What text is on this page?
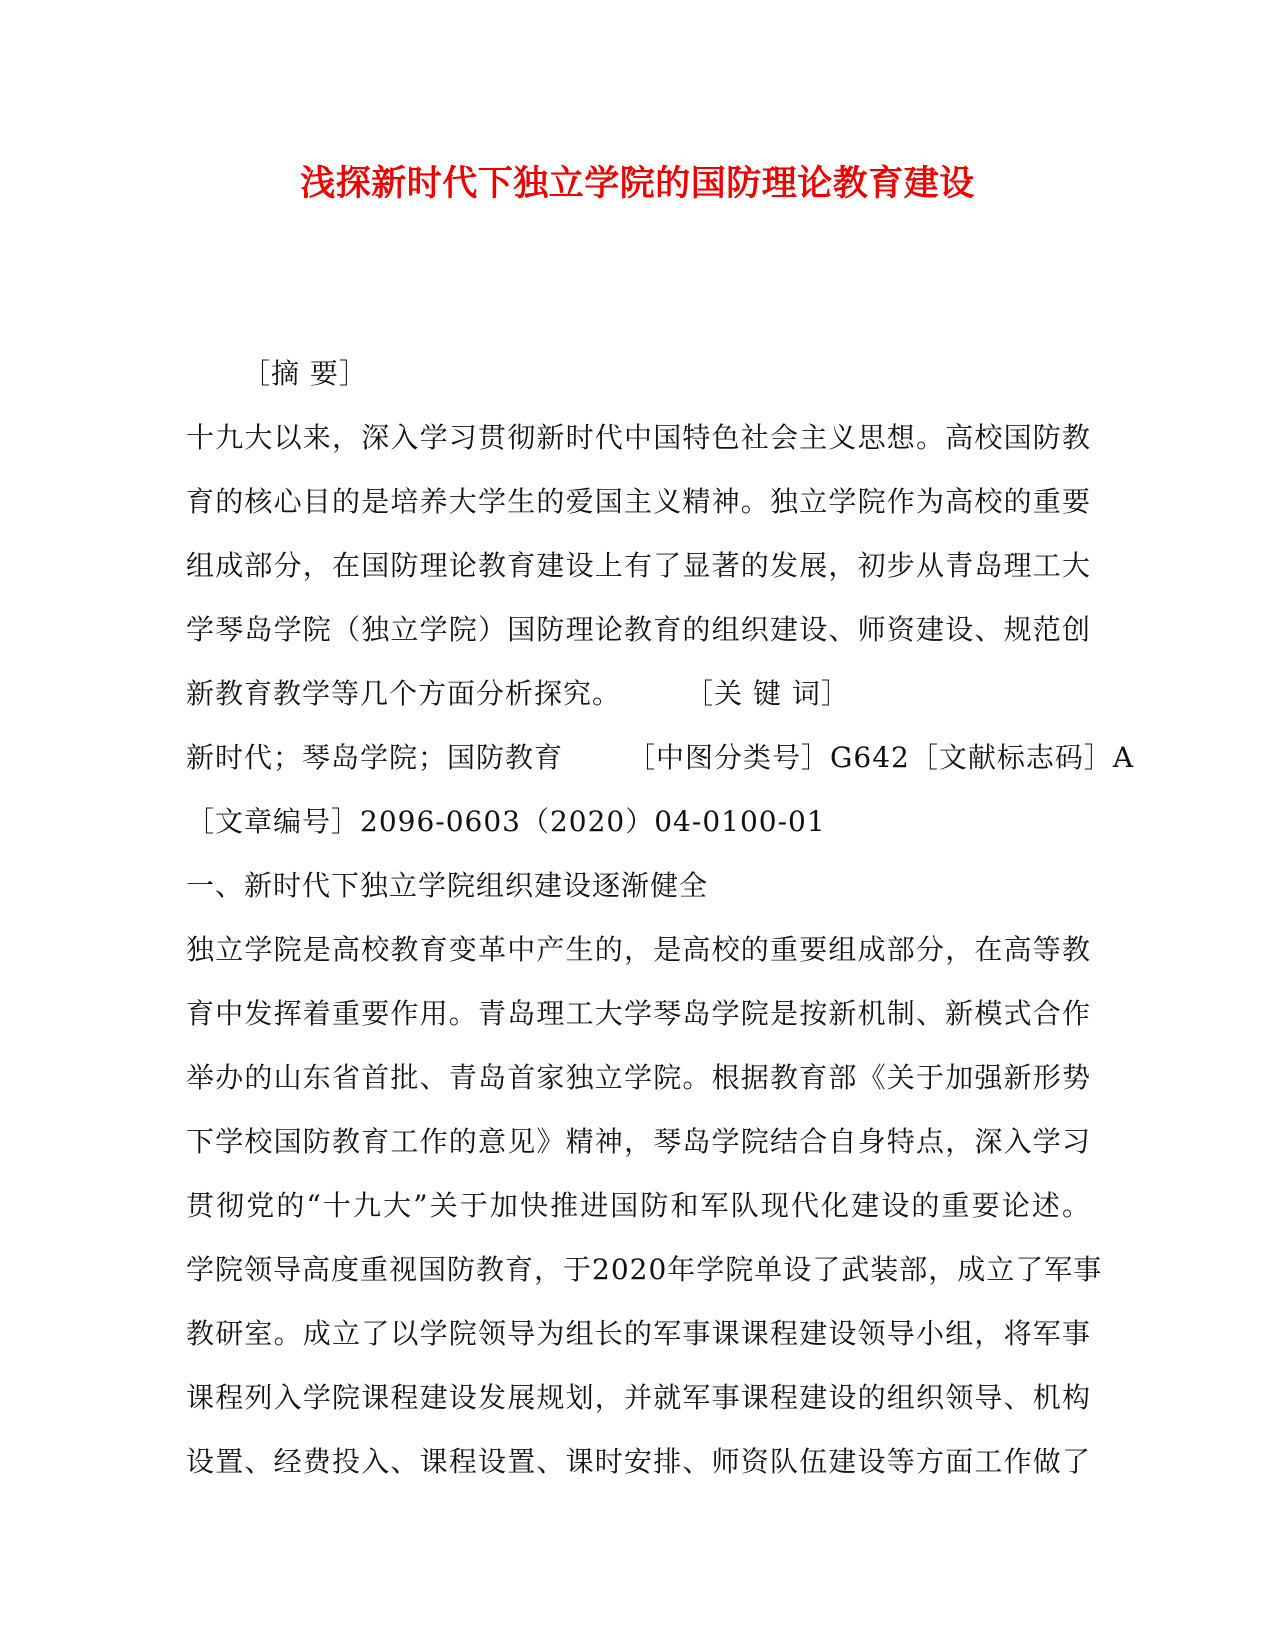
浅探新时代下独立学院的国防理论教育建设
［摘 要］
十九大以来，深入学习贯彻新时代中国特色社会主义思想。高校国防教
育的核心目的是培养大学生的爱国主义精神。独立学院作为高校的重要
组成部分，在国防理论教育建设上有了显著的发展，初步从青岛理工大
学琴岛学院（独立学院）国防理论教育的组织建设、师资建设、规范创
新教育教学等几个方面分析探究。 ［关 键 词］
新时代；琴岛学院；国防教育 ［中图分类号］G642［文献标志码］A
［文章编号］2096-0603（2020）04-0100-01
一、新时代下独立学院组织建设逐渐健全
独立学院是高校教育变革中产生的，是高校的重要组成部分，在高等教
育中发挥着重要作用。青岛理工大学琴岛学院是按新机制、新模式合作
举办的山东省首批、青岛首家独立学院。根据教育部《关于加强新形势
下学校国防教育工作的意见》精神，琴岛学院结合自身特点，深入学习
贯彻党的“十九大”关于加快推进国防和军队现代化建设的重要论述。
学院领导高度重视国防教育，于2020年学院单设了武装部，成立了军事
教研室。成立了以学院领导为组长的军事课课程建设领导小组，将军事
课程列入学院课程建设发展规划，并就军事课程建设的组织领导、机构
设置、经费投入、课程设置、课时安排、师资队伍建设等方面工作做了
